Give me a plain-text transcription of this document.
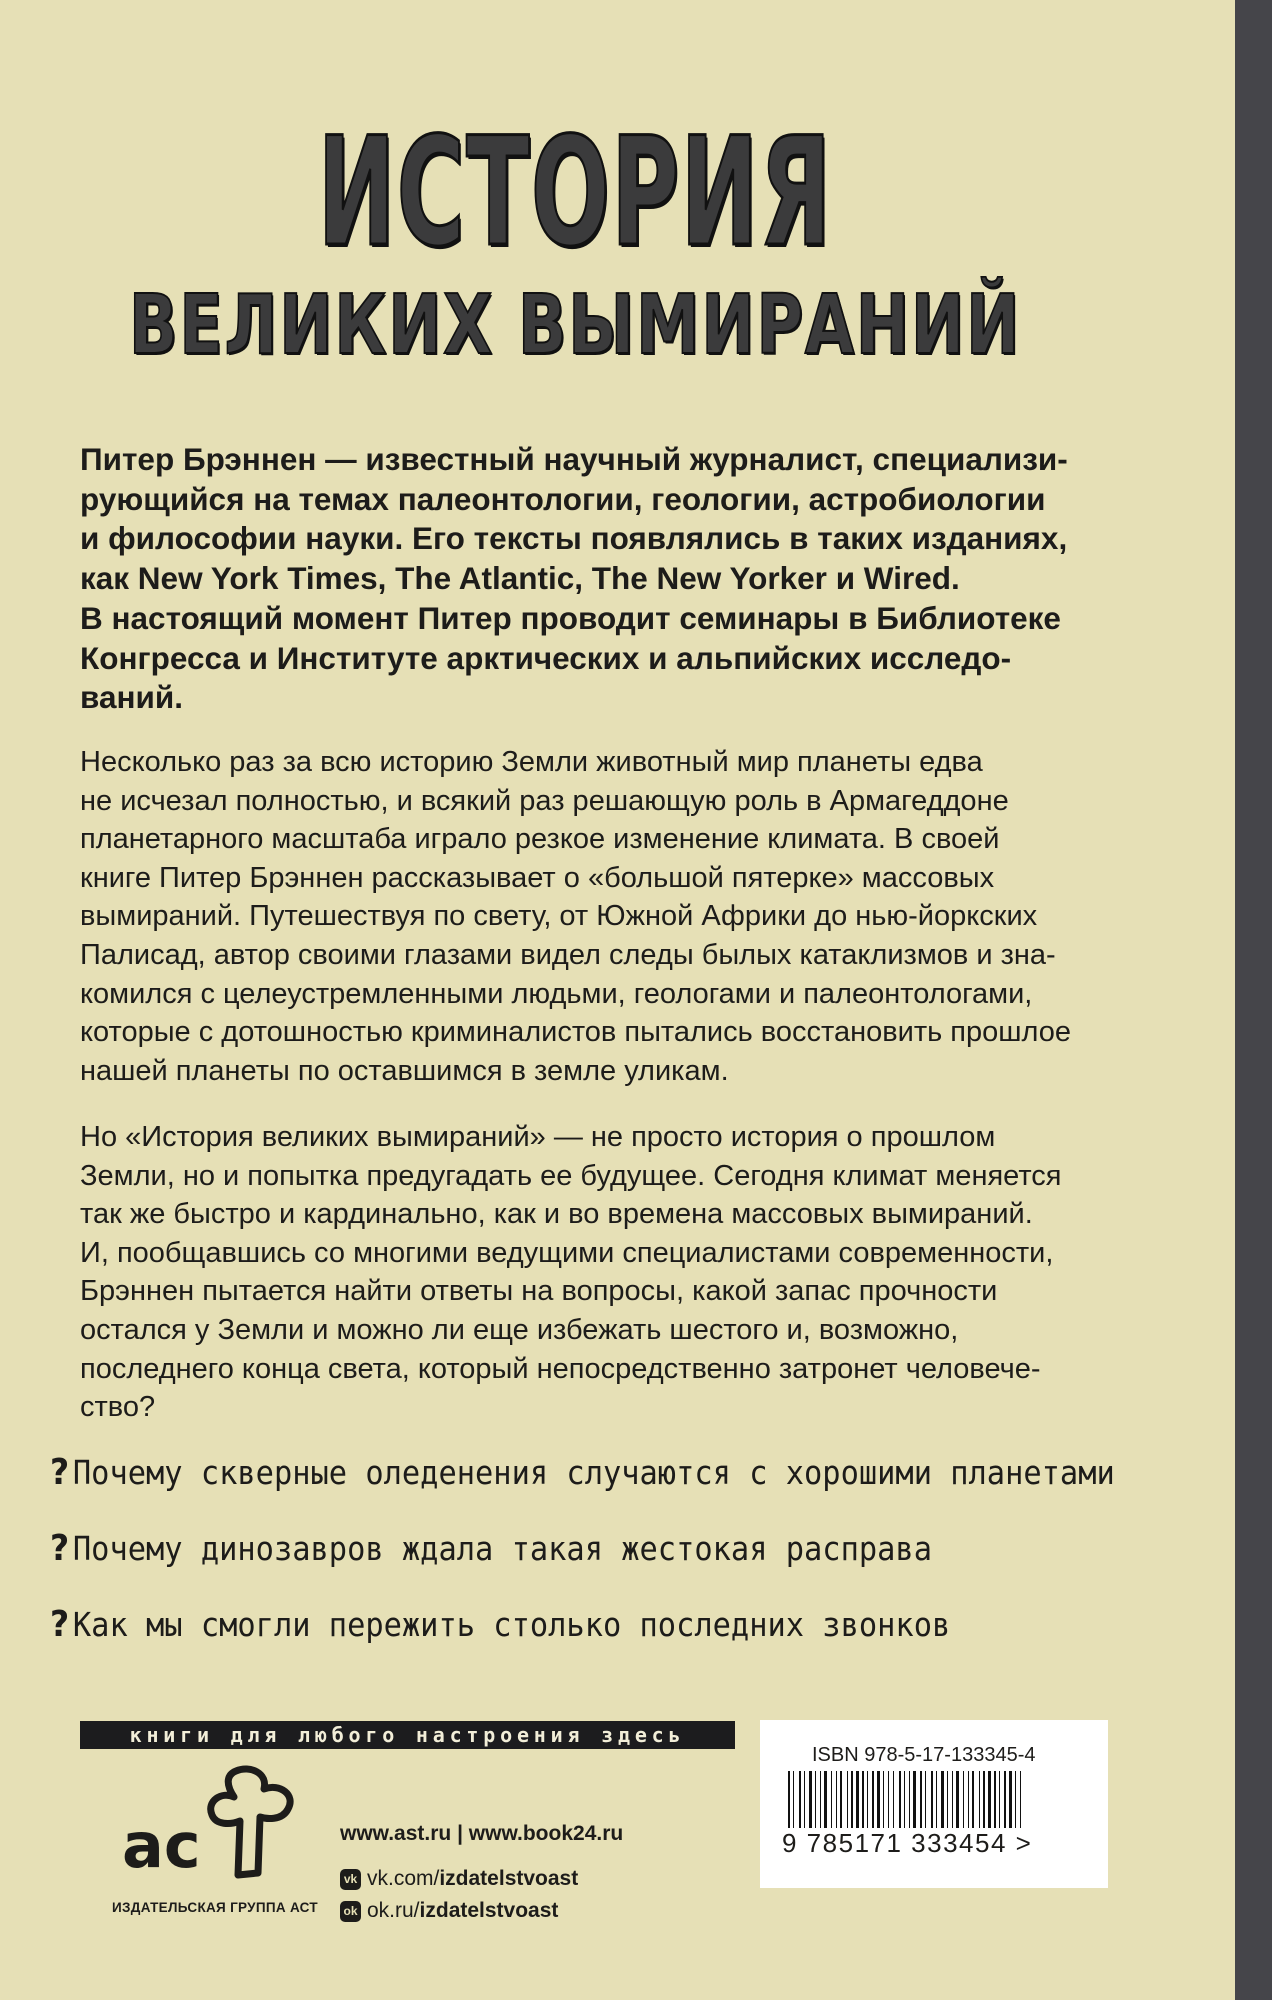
ИСТОРИЯ
ВЕЛИКИХ ВЫМИРАНИЙ

Питер Брэннен — известный научный журналист, специализи-
рующийся на темах палеонтологии, геологии, астробиологии
и философии науки. Его тексты появлялись в таких изданиях,
как New York Times, The Atlantic, The New Yorker и Wired.
В настоящий момент Питер проводит семинары в Библиотеке
Конгресса и Институте арктических и альпийских исследо-
ваний.

Несколько раз за всю историю Земли животный мир планеты едва
не исчезал полностью, и всякий раз решающую роль в Армагеддоне
планетарного масштаба играло резкое изменение климата. В своей
книге Питер Брэннен рассказывает о «большой пятерке» массовых
вымираний. Путешествуя по свету, от Южной Африки до нью-йоркских
Палисад, автор своими глазами видел следы былых катаклизмов и зна-
комился с целеустремленными людьми, геологами и палеонтологами,
которые с дотошностью криминалистов пытались восстановить прошлое
нашей планеты по оставшимся в земле уликам.

Но «История великих вымираний» — не просто история о прошлом
Земли, но и попытка предугадать ее будущее. Сегодня климат меняется
так же быстро и кардинально, как и во времена массовых вымираний.
И, пообщавшись со многими ведущими специалистами современности,
Брэннен пытается найти ответы на вопросы, какой запас прочности
остался у Земли и можно ли еще избежать шестого и, возможно,
последнего конца света, который непосредственно затронет человече-
ство?

? Почему скверные оледенения случаются с хорошими планетами
? Почему динозавров ждала такая жестокая расправа
? Как мы смогли пережить столько последних звонков
книги для любого настроения здесь
ас
ИЗДАТЕЛЬСКАЯ ГРУППА АСТ
www.ast.ru | www.book24.ru
vk vk.com/ izdatelstvoast
ok ok.ru/ izdatelstvoast
ISBN 978-5-17-133345-4
9 785171 333454 >
